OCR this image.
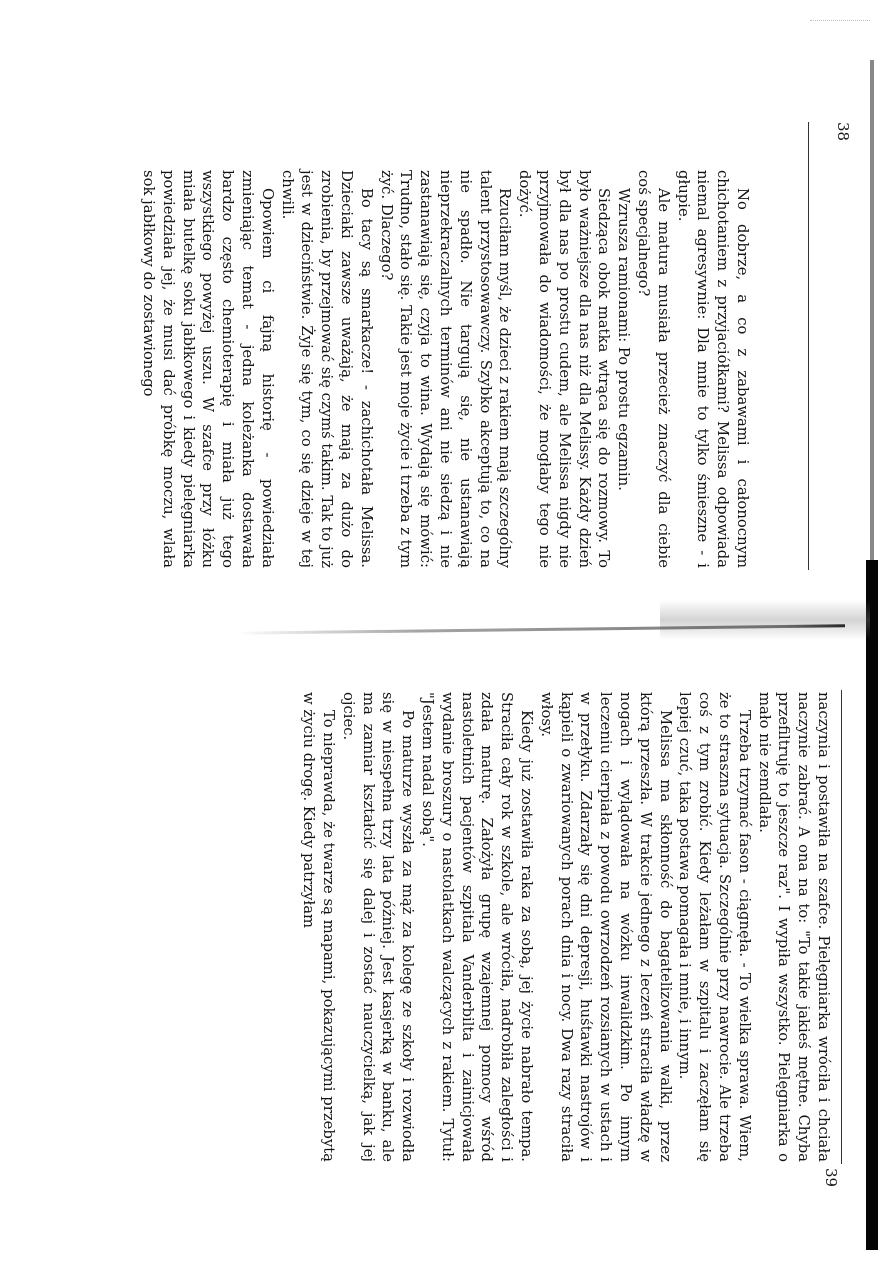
38

No dobrze, a co z zabawami i całonocnym chichotaniem z przyjaciółkami? Melissa odpowiada niemal agresywnie: Dla mnie to tylko śmieszne - i głupie.

Ale matura musiała przecież znaczyć dla ciebie coś specjalnego?

Wzrusza ramionami: Po prostu egzamin.

Siedząca obok matka wtrąca się do rozmowy. To było ważniejsze dla nas niż dla Melissy. Każdy dzień był dla nas po prostu cudem, ale Melissa nigdy nie przyjmowała do wiadomości, że mogłaby tego nie dożyć.

Rzuciłam myśl, że dzieci z rakiem mają szczególny talent przystosowawczy. Szybko akceptują to, co na nie spadło. Nie targują się, nie ustanawiają nieprzekraczalnych terminów ani nie siedzą i nie zastanawiają się, czyja to wina. Wydają się mówić: Trudno, stało się. Takie jest moje życie i trzeba z tym żyć. Dlaczego?

Bo tacy są smarkacze! - zachichotała Melissa. Dzieciaki zawsze uważają, że mają za dużo do zrobienia, by przejmować się czymś takim. Tak to już jest w dzieciństwie. Żyje się tym, co się dzieje w tej chwili.

Opowiem ci fajną historię - powiedziała zmieniając temat - jedna koleżanka dostawała bardzo często chemioterapię i miała już tego wszystkiego powyżej uszu. W szafce przy łóżku miała butelkę soku jabłkowego i kiedy pielęgniarka powiedziała jej, że musi dać próbkę moczu, wlała sok jabłkowy do zostawionego

39

naczynia i postawiła na szafce. Pielęgniarka wróciła i chciała naczynie zabrać. A ona na to: "To takie jakieś mętne. Chyba przefiltruję to jeszcze raz". I wypiła wszystko. Pielęgniarka o mało nie zemdlała.

Trzeba trzymać fason - ciągnęła. - To wielka sprawa. Wiem, że to straszna sytuacja. Szczególnie przy nawrocie. Ale trzeba coś z tym zrobić. Kiedy leżałam w szpitalu i zaczęłam się lepiej czuć, taka postawa pomagała i mnie, i innym.

Melissa ma skłonność do bagatelizowania walki, przez którą przeszła. W trakcie jednego z leczeń straciła władzę w nogach i wylądowała na wózku inwalidzkim. Po innym leczeniu cierpiała z powodu owrzodzeń rozsianych w ustach i w przełyku. Zdarzały się dni depresji, huśtawki nastrojów i kąpieli o zwariowanych porach dnia i nocy. Dwa razy straciła włosy.

Kiedy już zostawiła raka za sobą, jej życie nabrało tempa. Straciła cały rok w szkole, ale wróciła, nadrobiła zaległości i zdała maturę. Założyła grupę wzajemnej pomocy wśród nastoletnich pacjentów szpitala Vanderbilta i zainicjowała wydanie broszury o nastolatkach walczących z rakiem. Tytuł: "Jestem nadal sobą".

Po maturze wyszła za mąż za kolegę ze szkoły i rozwiodła się w niespełna trzy lata później. Jest kasjerką w banku, ale ma zamiar kształcić się dalej i zostać nauczycielką, jak jej ojciec.

To nieprawda, że twarze są mapami, pokazującymi przebytą w życiu drogę. Kiedy patrzyłam
